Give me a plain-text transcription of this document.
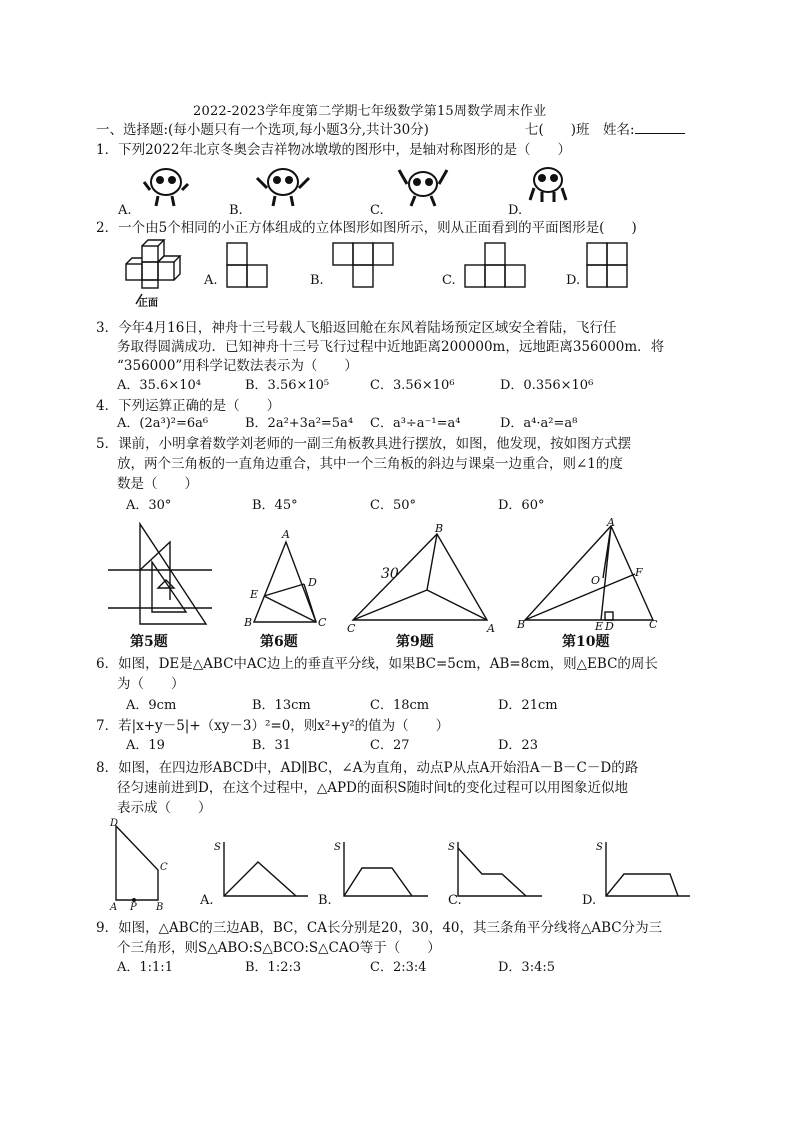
2022-2023学年度第二学期七年级数学第15周数学周末作业
一、选择题:(每小题只有一个选项,每小题3分,共计30分)	七(　　)班　姓名:
1．下列2022年北京冬奥会吉祥物冰墩墩的图形中，是轴对称图形的是（　　）
A.	B.	C.	D.
2．一个由5个相同的小正方体组成的立体图形如图所示，则从正面看到的平面图形是(　　)
正面
A.	B.	C.	D.
3．今年4月16日，神舟十三号载人飞船返回舱在东风着陆场预定区域安全着陆，飞行任
务取得圆满成功．已知神舟十三号飞行过程中近地距离200000m，远地距离356000m．将
“356000”用科学记数法表示为（　　）
A．35.6×10⁴	B．3.56×10⁵	C．3.56×10⁶	D．0.356×10⁶
4．下列运算正确的是（　　）
A．(2a³)²=6a⁶	B．2a²+3a²=5a⁴ C．a³÷a⁻¹=a⁴	D．a⁴·a²=a⁸
5．课前，小明拿着数学刘老师的一副三角板教具进行摆放，如图，他发现，按如图方式摆
放，两个三角板的一直角边重合，其中一个三角板的斜边与课桌一边重合，则∠1的度
数是（　　）
A．30°	B．45°	C．50°	D．60°
A
B	C
D
E
A
B
C
30
A
B	C
O
F
E D
第5题	第6题	第9题	第10题
6．如图，DE是△ABC中AC边上的垂直平分线，如果BC=5cm，AB=8cm，则△EBC的周长
为（　　）
A．9cm	B．13cm	C．18cm	D．21cm
7．若|x+y－5|+（xy－3）²=0，则x²+y²的值为（　　）
A．19	B．31	C．27	D．23
8．如图，在四边形ABCD中，AD∥BC，∠A为直角，动点P从点A开始沿A－B－C－D的路
径匀速前进到D，在这个过程中，△APD的面积S随时间t的变化过程可以用图象近似地
表示成（　　）
D
C
A P B	A.
S
B.
S
C.
S
D.
S
9．如图，△ABC的三边AB，BC，CA长分别是20，30，40，其三条角平分线将△ABC分为三
个三角形，则S△ABO:S△BCO:S△CAO等于（　　）
A．1:1:1	B．1:2:3	C．2:3:4	D．3:4:5
